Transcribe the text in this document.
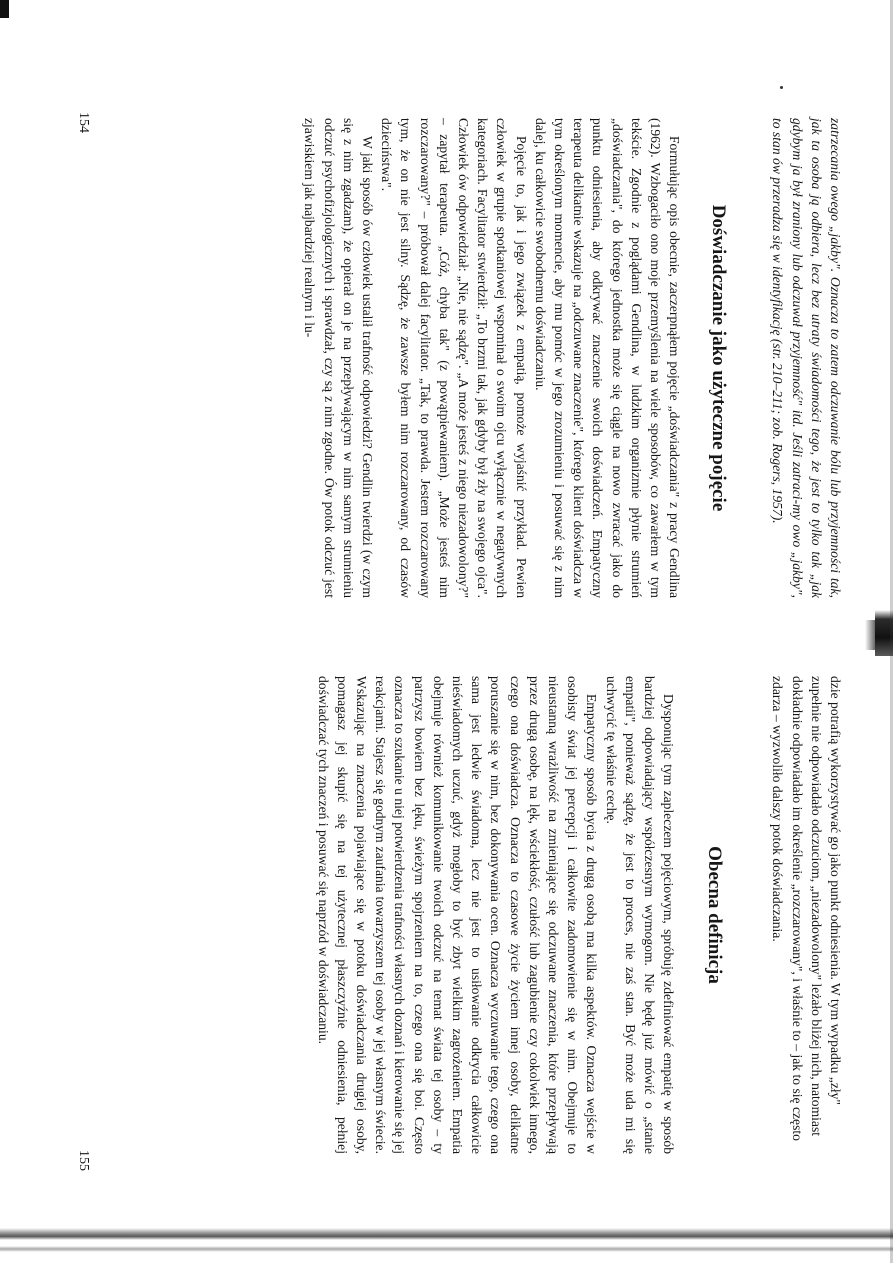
zatrzecania owego „jakby". Oznacza to zatem odczuwanie bólu lub przyjemności tak, jak ta osoba ją odbiera, lecz bez utraty świadomości tego, że jest to tylko tak „jak gdybym ja był zraniony lub odczuwał przyjemność" itd. Jeśli zatraci-my owo „jakby", to stan ów przeradza się w identyfikację (str. 210–211; zob. Rogers, 1957).

Doświadczanie jako użyteczne pojęcie

Formułując opis obecnie, zaczerpnąłem pojęcie „doświadczania" z pracy Gendlina (1962). Wzbogaciło ono moje przemyślenia na wiele sposobów, co zawarłem w tym tekście. Zgodnie z poglądami Gendlina, w ludzkim organizmie płynie strumień „doświadczania", do którego jednostka może się ciągle na nowo zwracać jako do punktu odniesienia, aby odkrywać znaczenie swoich doświadczeń. Empatyczny terapeuta delikatnie wskazuje na „odczuwane znaczenie", którego klient doświadcza w tym określonym momencie, aby mu pomóc w jego zrozumieniu i posuwać się z nim dalej, ku całkowicie swobodnemu doświadczaniu.

Pojęcie to, jak i jego związek z empatią, pomoże wyjaśnić przykład. Pewien człowiek w grupie spotkaniowej wspominał o swoim ojcu wyłącznie w negatywnych kategoriach. Facylitator stwierdził: „To brzmi tak, jak gdyby był zły na swojego ojca". Człowiek ów odpowiedział: „Nie, nie sądzę". „A może jesteś z niego niezadowolony?" – zapytał terapeuta. „Cóż, chyba tak" (z powątpiewaniem). „Może jesteś nim rozczarowany?" – próbował dalej facylitator. „Tak, to prawda. Jestem rozczarowany tym, że on nie jest silny. Sądzę, że zawsze byłem nim rozczarowany, od czasów dzieciństwa".

W jaki sposób ów człowiek ustalił trafność odpowiedzi? Gendlin twierdzi (w czym się z nim zgadzam), że opierał on je na przepływającym w nim samym strumieniu odczuć psychofizjologicznych i sprawdzał, czy są z nim zgodne. Ów potok odczuć jest zjawiskiem jak najbardziej realnym i lu-

154

dzie potrafią wykorzystywać go jako punkt odniesienia. W tym wypadku „zły" zupełnie nie odpowiadało odczuciom, „niezadowolony" leżało bliżej nich, natomiast dokładnie odpowiadało im określenie „rozczarowany", i właśnie to – jak to się często zdarza – wyzwoliło dalszy potok doświadczania.

Obecna definicja

Dysponując tym zapleczem pojęciowym, spróbuję zdefiniować empatię w sposób bardziej odpowiadający współczesnym wymogom. Nie będę już mówić o „stanie empatii", ponieważ sądzę, że jest to proces, nie zaś stan. Być może uda mi się uchwycić tę właśnie cechę.

Empatyczny sposób bycia z drugą osobą ma kilka aspektów. Oznacza wejście w osobisty świat jej percepcji i całkowite zadomowienie się w nim. Obejmuje to nieustanną wrażliwość na zmieniające się odczuwane znaczenia, które przepływają przez drugą osobę, na lęk, wściekłość, czułość lub zagubienie czy cokolwiek innego, czego ona doświadcza. Oznacza to czasowe życie życiem innej osoby, delikatne poruszanie się w nim, bez dokonywania ocen. Oznacza wyczuwanie tego, czego ona sama jest ledwie świadoma, lecz nie jest to usiłowanie odkrycia całkowicie nieświadomych uczuć, gdyż mogłoby to być zbyt wielkim zagrożeniem. Empatia obejmuje również komunikowanie twoich odczuć na temat świata tej osoby – ty patrzysz bowiem bez lęku, świeżym spojrzeniem na to, czego ona się boi. Często oznacza to szukanie u niej potwierdzenia trafności własnych doznań i kierowanie się jej reakcjami. Stajesz się godnym zaufania towarzyszem tej osoby w jej własnym świecie. Wskazując na znaczenia pojawiające się w potoku doświadczania drugiej osoby, pomagasz jej skupić się na tej użytecznej płaszczyźnie odniesienia, pełniej doświadczać tych znaczeń i posuwać się naprzód w doświadczaniu.

155
